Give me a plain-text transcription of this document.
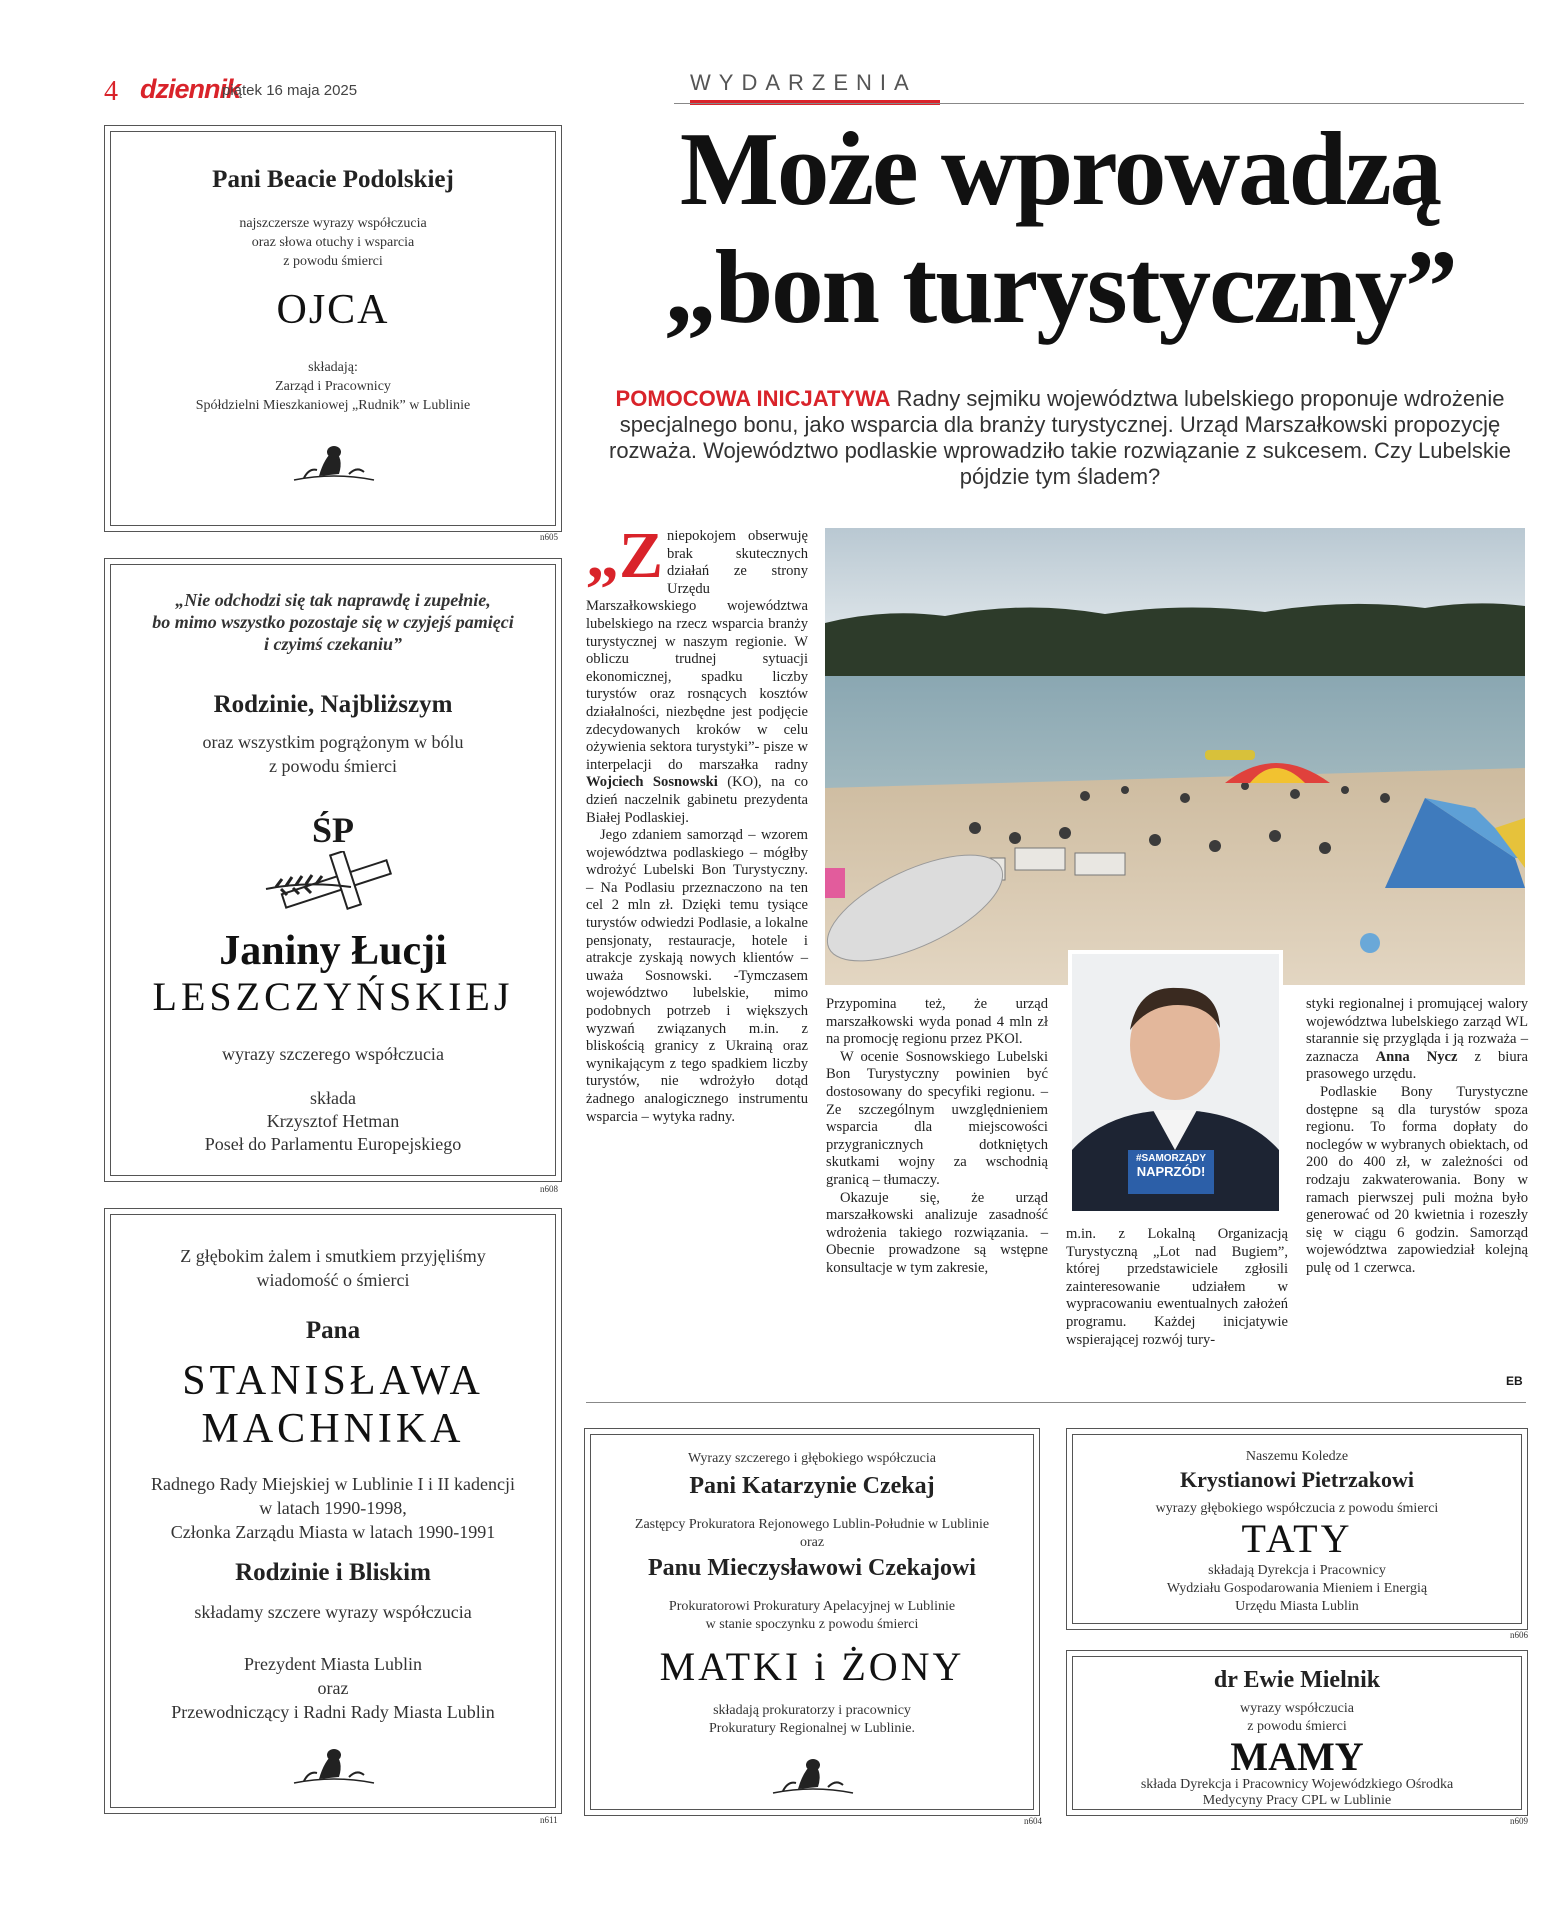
4 dziennik
piątek 16 maja 2025	WYDARZENIA
Pani Beacie Podolskiej
najszczersze wyrazy współczucia
oraz słowa otuchy i wsparcia
z powodu śmierci
OJCA
składają:
Zarząd i Pracownicy
Spółdzielni Mieszkaniowej „Rudnik” w Lublinie
n605
„Nie odchodzi się tak naprawdę i zupełnie,
bo mimo wszystko pozostaje się w czyjejś pamięci
i czyimś czekaniu”
Rodzinie, Najbliższym
oraz wszystkim pogrążonym w bólu
z powodu śmierci
ŚP
Janiny Łucji
LESZCZYŃSKIEJ
wyrazy szczerego współczucia
składa
Krzysztof Hetman
Poseł do Parlamentu Europejskiego
n608
Z głębokim żalem i smutkiem przyjęliśmy
wiadomość o śmierci
Pana
STANISŁAWA
MACHNIKA
Radnego Rady Miejskiej w Lublinie I i II kadencji
w latach 1990-1998,
Członka Zarządu Miasta w latach 1990-1991
Rodzinie i Bliskim
składamy szczere wyrazy współczucia
Prezydent Miasta Lublin
oraz
Przewodniczący i Radni Rady Miasta Lublin
n611
Może wprowadzą
„bon turystyczny”
POMOCOWA INICJATYWA Radny sejmiku województwa lubelskiego proponuje wdrożenie specjalnego bonu, jako wsparcia dla branży turystycznej. Urząd Marszałkowski propozycję rozważa. Województwo podlaskie wprowadziło takie rozwiązanie z sukcesem. Czy Lubelskie pójdzie tym śladem?
#SAMORZĄDY
NAPRZÓD!

„Zniepokojem obserwuję brak skutecznych działań ze strony Urzędu Marszałkowskiego województwa lubelskiego na rzecz wsparcia branży turystycznej w naszym regionie. W obliczu trudnej sytuacji ekonomicznej, spadku liczby turystów oraz rosnących kosztów działalności, niezbędne jest podjęcie zdecydowanych kroków w celu ożywienia sektora turystyki”- pisze w interpelacji do marszałka radny Wojciech Sosnowski (KO), na co dzień naczelnik gabinetu prezydenta Białej Podlaskiej.

Jego zdaniem samorząd – wzorem województwa podlaskiego – mógłby wdrożyć Lubelski Bon Turystyczny. – Na Podlasiu przeznaczono na ten cel 2 mln zł. Dzięki temu tysiące turystów odwiedzi Podlasie, a lokalne pensjonaty, restauracje, hotele i atrakcje zyskają nowych klientów – uważa Sosnowski. -Tymczasem województwo lubelskie, mimo podobnych potrzeb i większych wyzwań związanych m.in. z bliskością granicy z Ukrainą oraz wynikającym z tego spadkiem liczby turystów, nie wdrożyło dotąd żadnego analogicznego instrumentu wsparcia – wytyka radny.

Przypomina też, że urząd marszałkowski wyda ponad 4 mln zł na promocję regionu przez PKOl.

W ocenie Sosnowskiego Lubelski Bon Turystyczny powinien być dostosowany do specyfiki regionu. – Ze szczególnym uwzględnieniem wsparcia dla miejscowości przygranicznych dotkniętych skutkami wojny za wschodnią granicą – tłumaczy.

Okazuje się, że urząd marszałkowski analizuje zasadność wdrożenia takiego rozwiązania. – Obecnie prowadzone są wstępne konsultacje w tym zakresie,

m.in. z Lokalną Organizacją Turystyczną „Lot nad Bugiem”, której przedstawiciele zgłosili zainteresowanie udziałem w wypracowaniu ewentualnych założeń programu. Każdej inicjatywie wspierającej rozwój tury-

styki regionalnej i promującej walory województwa lubelskiego zarząd WL starannie się przygląda i ją rozważa – zaznacza Anna Nycz z biura prasowego urzędu.

Podlaskie Bony Turystyczne dostępne są dla turystów spoza regionu. To forma dopłaty do noclegów w wybranych obiektach, od 200 do 400 zł, w zależności od rodzaju zakwaterowania. Bony w ramach pierwszej puli można było generować od 20 kwietnia i rozeszły się w ciągu 6 godzin. Samorząd województwa zapowiedział kolejną pulę od 1 czerwca.

EB
Wyrazy szczerego i głębokiego współczucia
Pani Katarzynie Czekaj
Zastępcy Prokuratora Rejonowego Lublin-Południe w Lublinie
oraz
Panu Mieczysławowi Czekajowi
Prokuratorowi Prokuratury Apelacyjnej w Lublinie
w stanie spoczynku z powodu śmierci
MATKI i ŻONY
składają prokuratorzy i pracownicy
Prokuratury Regionalnej w Lublinie.
n604
Naszemu Koledze
Krystianowi Pietrzakowi
wyrazy głębokiego współczucia z powodu śmierci
TATY
składają Dyrekcja i Pracownicy
Wydziału Gospodarowania Mieniem i Energią
Urzędu Miasta Lublin
n606
dr Ewie Mielnik
wyrazy współczucia
z powodu śmierci
MAMY
składa Dyrekcja i Pracownicy Wojewódzkiego Ośrodka
Medycyny Pracy CPL w Lublinie
n609
